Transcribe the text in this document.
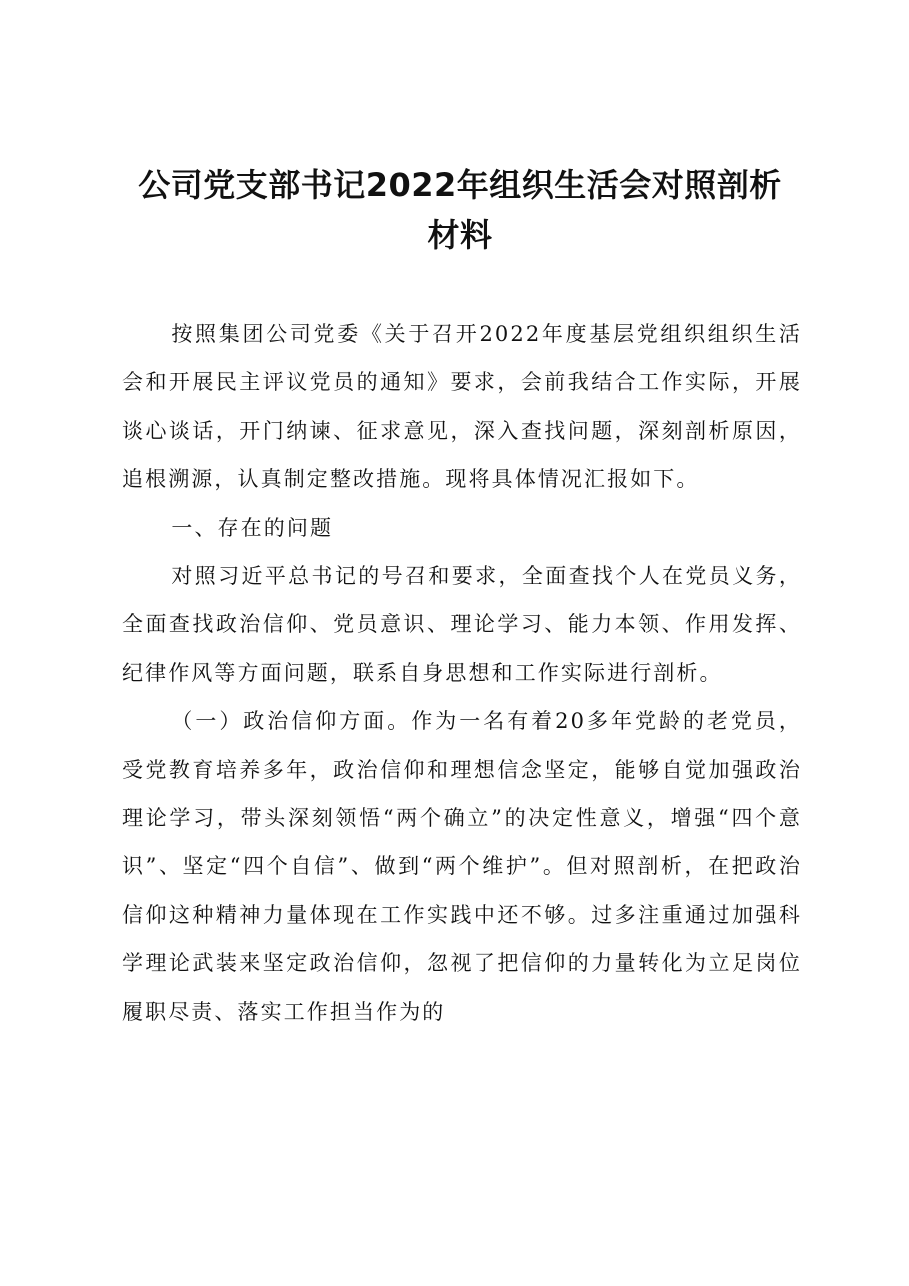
公司党支部书记2022年组织生活会对照剖析
材料

按照集团公司党委《关于召开2022年度基层党组织组织生活会和开展民主评议党员的通知》要求，会前我结合工作实际，开展谈心谈话，开门纳谏、征求意见，深入查找问题，深刻剖析原因，追根溯源，认真制定整改措施。现将具体情况汇报如下。

一、存在的问题

对照习近平总书记的号召和要求，全面查找个人在党员义务，全面查找政治信仰、党员意识、理论学习、能力本领、作用发挥、纪律作风等方面问题，联系自身思想和工作实际进行剖析。

（一）政治信仰方面。作为一名有着20多年党龄的老党员，受党教育培养多年，政治信仰和理想信念坚定，能够自觉加强政治理论学习，带头深刻领悟“两个确立”的决定性意义，增强“四个意识”、坚定“四个自信”、做到“两个维护”。但对照剖析，在把政治信仰这种精神力量体现在工作实践中还不够。过多注重通过加强科学理论武装来坚定政治信仰，忽视了把信仰的力量转化为立足岗位履职尽责、落实工作担当作为的
